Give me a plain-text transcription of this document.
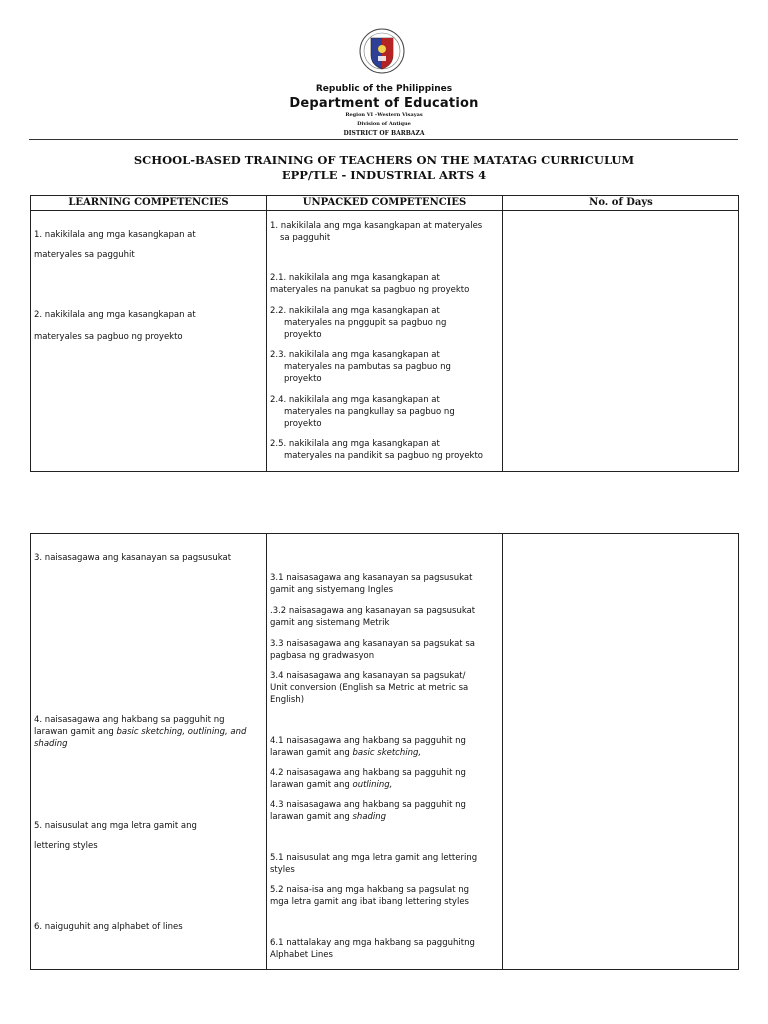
Republic of the Philippines
Department of Education
Region VI –Western Visayas
Division of Antique
DISTRICT OF BARBAZA
SCHOOL-BASED TRAINING OF TEACHERS ON THE MATATAG CURRICULUM
EPP/TLE - INDUSTRIAL ARTS 4
LEARNING COMPETENCIES	UNPACKED COMPETENCIES	No. of Days
1. nakikilala ang mga kasangkapan at
materyales sa pagguhit
2. nakikilala ang mga kasangkapan at
materyales sa pagbuo ng proyekto
1. nakikilala ang mga kasangkapan at materyales
sa pagguhit
2.1. nakikilala ang mga kasangkapan at
materyales na panukat sa pagbuo ng proyekto
2.2. nakikilala ang mga kasangkapan at
materyales na pnggupit sa pagbuo ng
proyekto
2.3. nakikilala ang mga kasangkapan at
materyales na pambutas sa pagbuo ng
proyekto
2.4. nakikilala ang mga kasangkapan at
materyales na pangkullay sa pagbuo ng
proyekto
2.5. nakikilala ang mga kasangkapan at
materyales na pandikit sa pagbuo ng proyekto
3. naisasagawa ang kasanayan sa pagsusukat
4. naisasagawa ang hakbang sa pagguhit ng
larawan gamit ang basic sketching, outlining, and
shading
5. naisusulat ang mga letra gamit ang
lettering styles
6. naiguguhit ang alphabet of lines
3.1 naisasagawa ang kasanayan sa pagsusukat
gamit ang sistyemang Ingles
.3.2 naisasagawa ang kasanayan sa pagsusukat
gamit ang sistemang Metrik
3.3 naisasagawa ang kasanayan sa pagsukat sa
pagbasa ng gradwasyon
3.4 naisasagawa ang kasanayan sa pagsukat/
Unit conversion (English sa Metric at metric sa
English)
4.1 naisasagawa ang hakbang sa pagguhit ng
larawan gamit ang basic sketching,
4.2 naisasagawa ang hakbang sa pagguhit ng
larawan gamit ang outlining,
4.3 naisasagawa ang hakbang sa pagguhit ng
larawan gamit ang shading
5.1 naisusulat ang mga letra gamit ang lettering
styles
5.2 naisa-isa ang mga hakbang sa pagsulat ng
mga letra gamit ang ibat ibang lettering styles
6.1 nattalakay ang mga hakbang sa pagguhitng
Alphabet Lines
